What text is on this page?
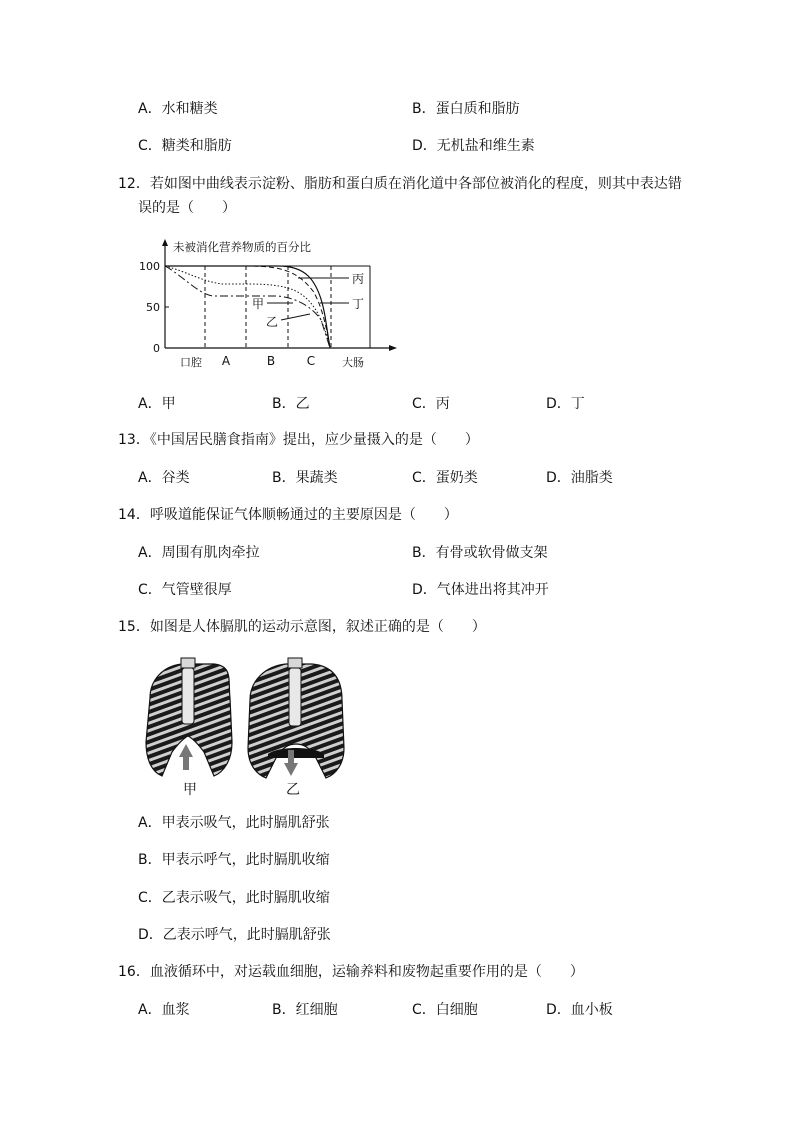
A．水和糖类	B．蛋白质和脂肪
C．糖类和脂肪	D．无机盐和维生素
12．若如图中曲线表示淀粉、脂肪和蛋白质在消化道中各部位被消化的程度，则其中表达错
误的是（　　）
未被消化营养物质的百分比
100
50
0
口腔 A	B	C 大肠
丙
丁
甲
乙
A．甲	B．乙	C．丙	D．丁
13．《中国居民膳食指南》提出，应少量摄入的是（　　）
A．谷类	B．果蔬类	C．蛋奶类	D．油脂类
14．呼吸道能保证气体顺畅通过的主要原因是（　　）
A．周围有肌肉牵拉	B．有骨或软骨做支架
C．气管壁很厚	D．气体进出将其冲开
15．如图是人体膈肌的运动示意图，叙述正确的是（　　）
甲	乙
A．甲表示吸气，此时膈肌舒张
B．甲表示呼气，此时膈肌收缩
C．乙表示吸气，此时膈肌收缩
D．乙表示呼气，此时膈肌舒张
16．血液循环中，对运载血细胞，运输养料和废物起重要作用的是（　　）
A．血浆	B．红细胞	C．白细胞	D．血小板
